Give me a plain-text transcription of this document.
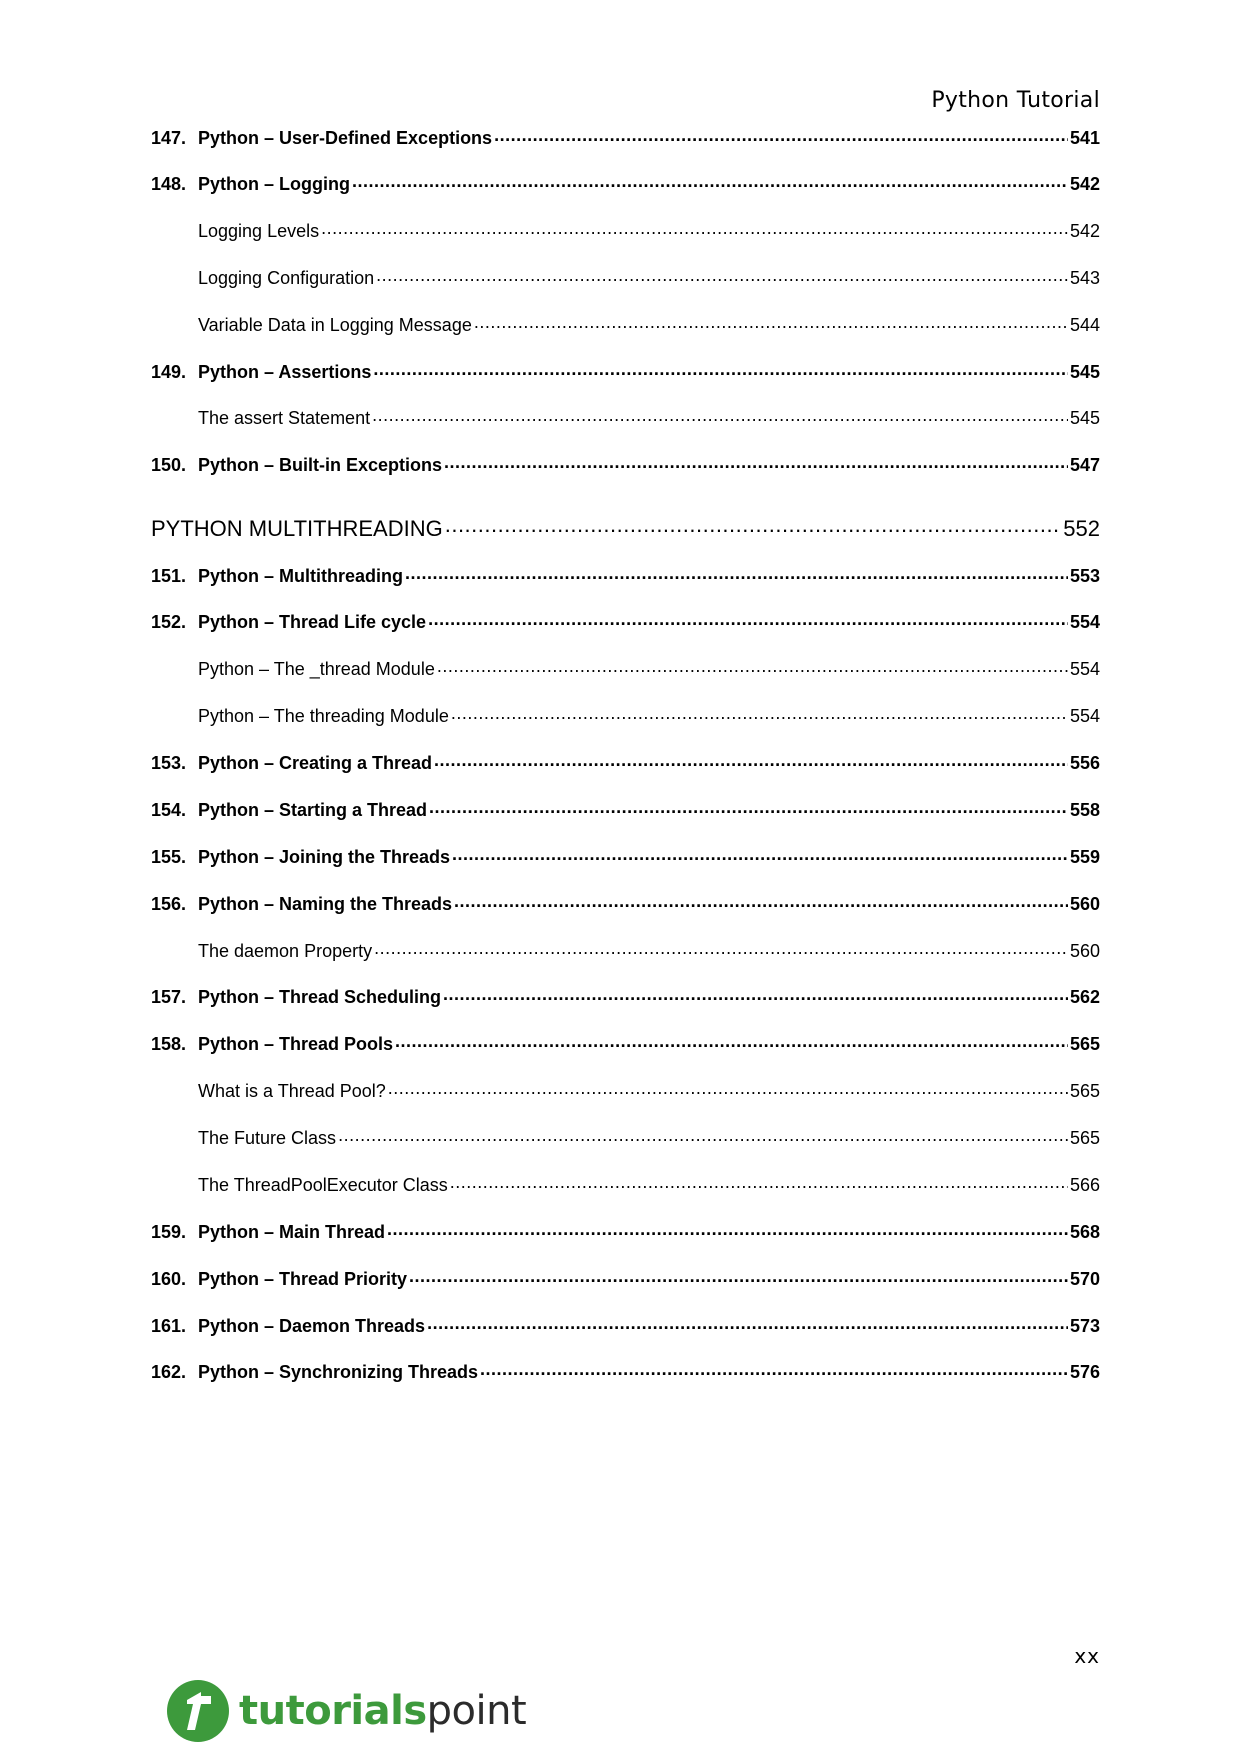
Python Tutorial
147. Python – User-Defined Exceptions .....	541
148. Python – Logging .....	542
Logging Levels .....	542
Logging Configuration .....	543
Variable Data in Logging Message .....	544
149. Python – Assertions .....	545
The assert Statement .....	545
150. Python – Built-in Exceptions .....	547
PYTHON MULTITHREADING .....	552
151. Python – Multithreading .....	553
152. Python – Thread Life cycle .....	554
Python – The _thread Module .....	554
Python – The threading Module .....	554
153. Python – Creating a Thread .....	556
154. Python – Starting a Thread .....	558
155. Python – Joining the Threads .....	559
156. Python – Naming the Threads .....	560
The daemon Property .....	560
157. Python – Thread Scheduling .....	562
158. Python – Thread Pools .....	565
What is a Thread Pool? .....	565
The Future Class .....	565
The ThreadPoolExecutor Class .....	566
159. Python – Main Thread .....	568
160. Python – Thread Priority .....	570
161. Python – Daemon Threads .....	573
162. Python – Synchronizing Threads .....	576
xx
tutorialspoint
